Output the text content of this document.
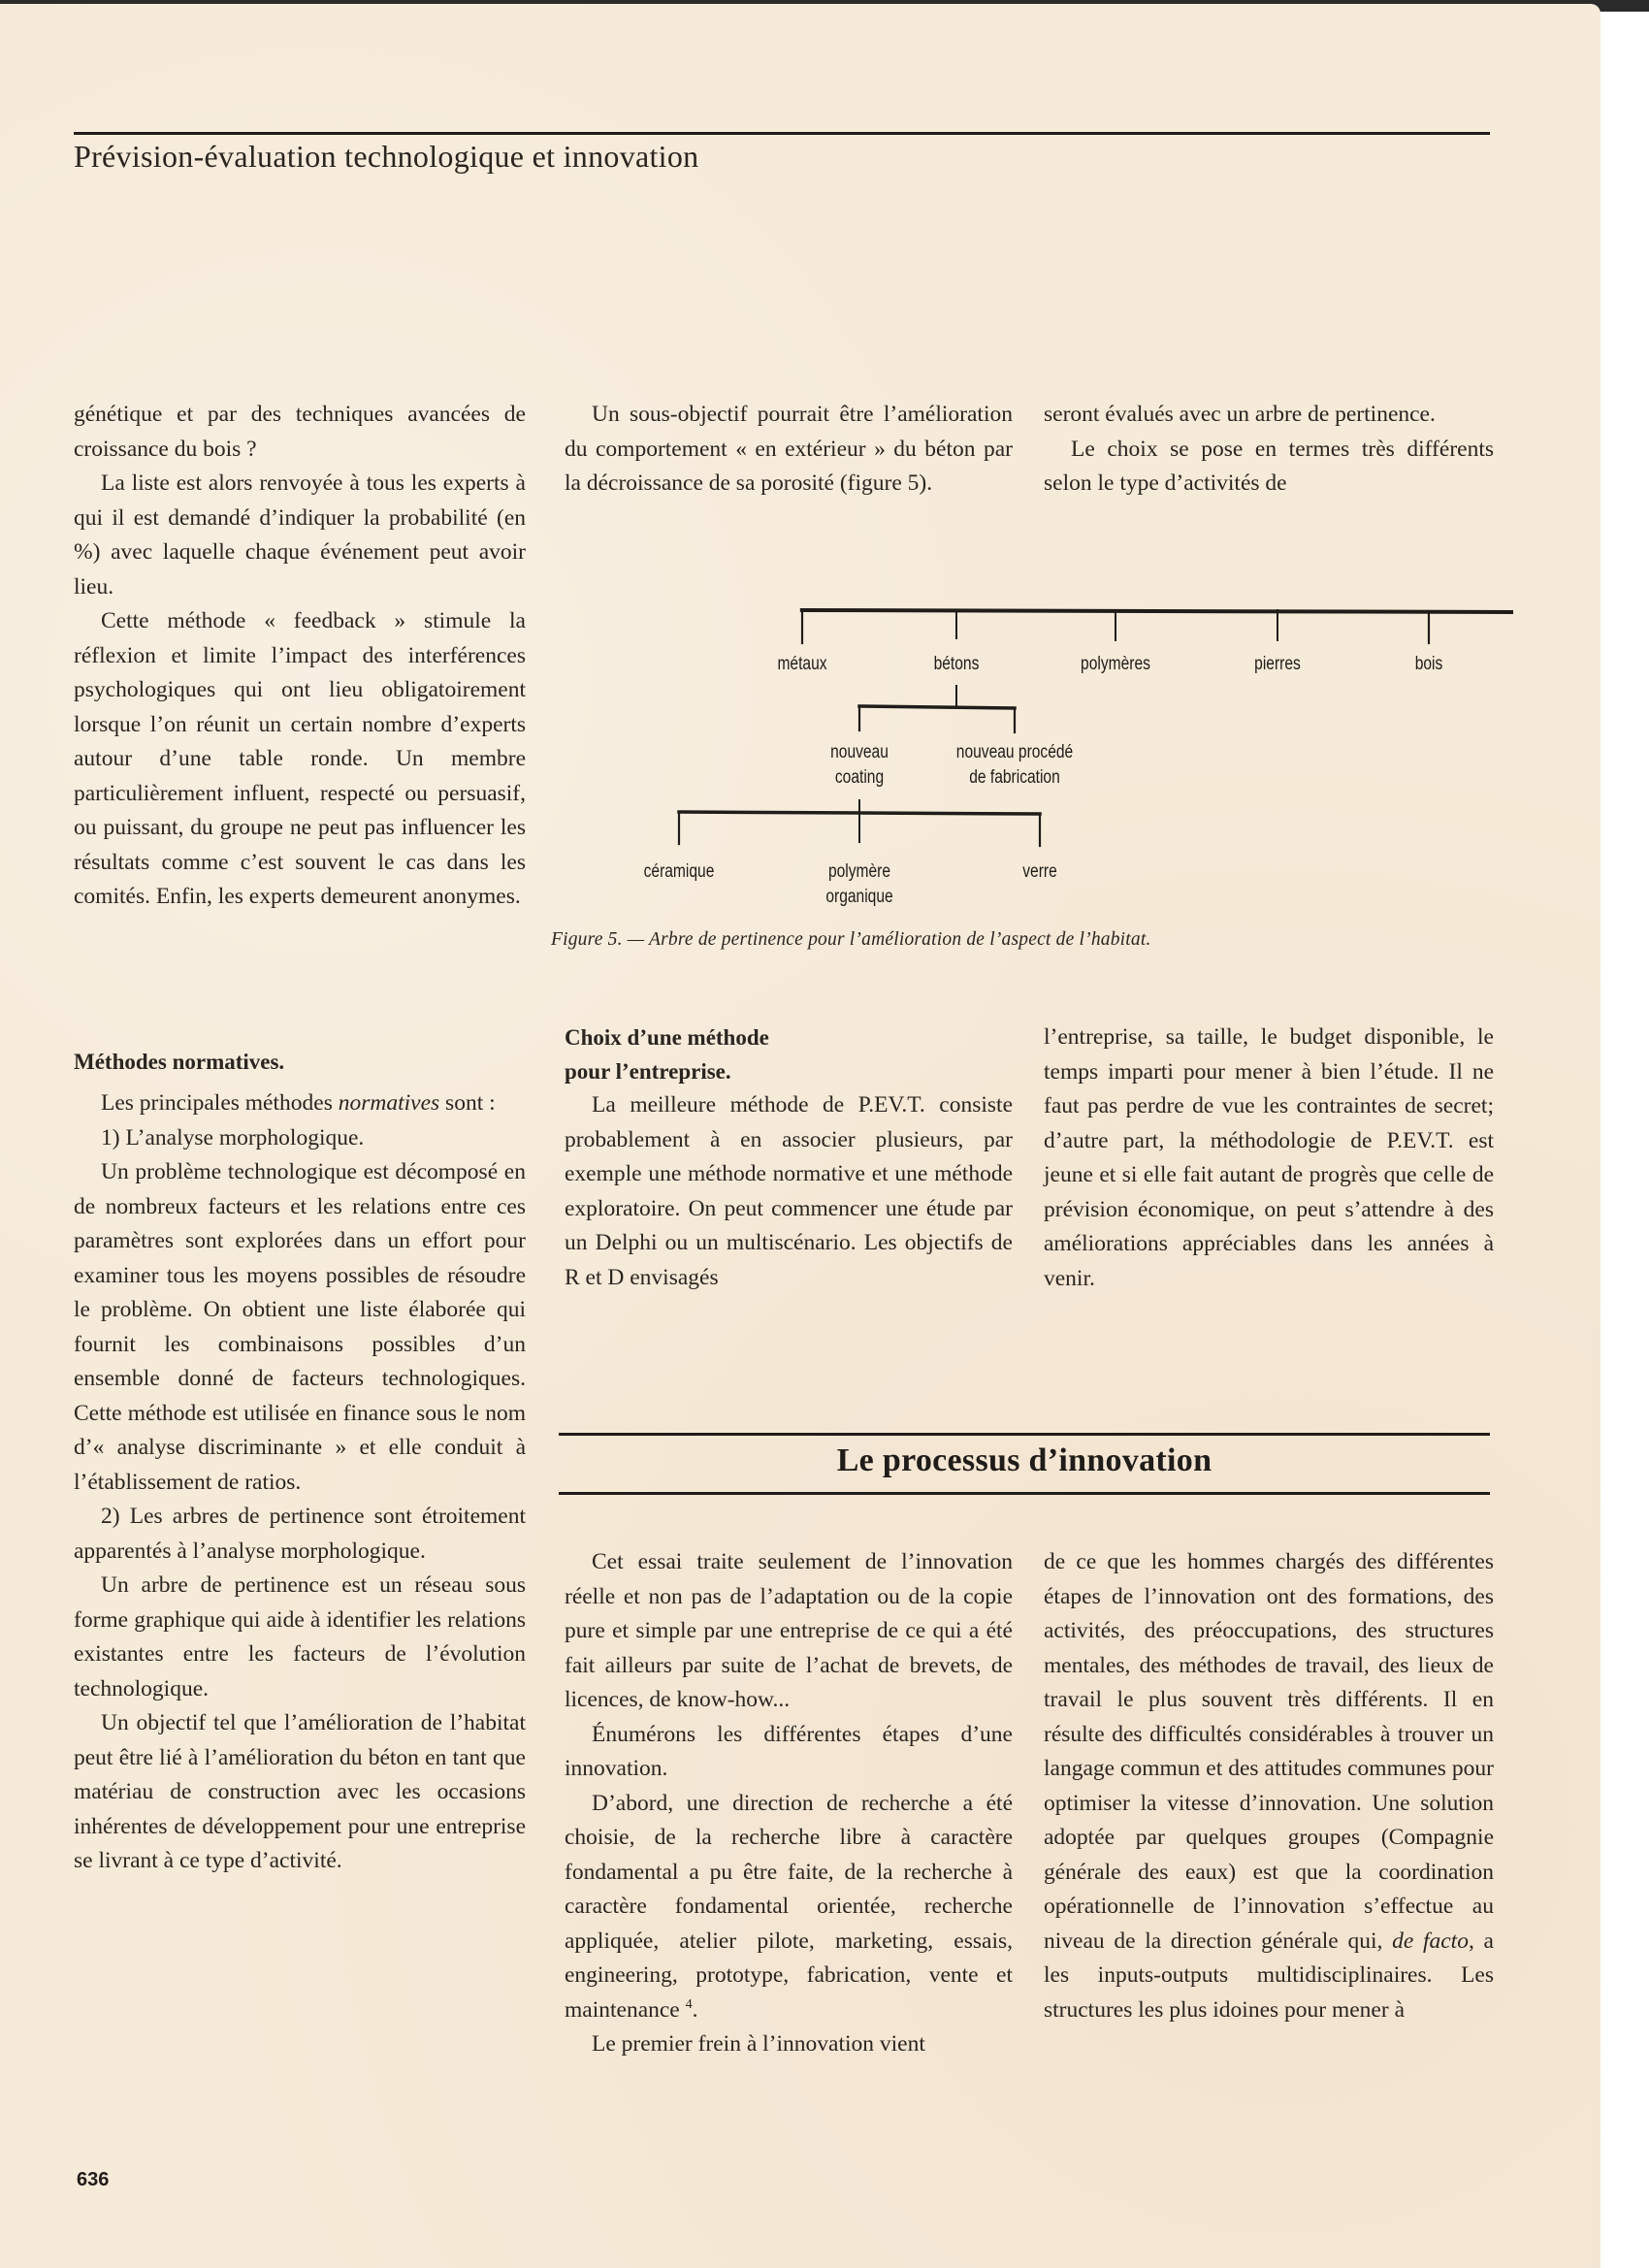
Prévision-évaluation technologique et innovation

génétique et par des techniques avancées de croissance du bois ?

La liste est alors renvoyée à tous les experts à qui il est demandé d’indiquer la probabilité (en %) avec laquelle chaque événement peut avoir lieu.

Cette méthode « feedback » stimule la réflexion et limite l’impact des interférences psychologiques qui ont lieu obligatoirement lorsque l’on réunit un certain nombre d’experts autour d’une table ronde. Un membre particulièrement influent, respecté ou persuasif, ou puissant, du groupe ne peut pas influencer les résultats comme c’est souvent le cas dans les comités. Enfin, les experts demeurent anonymes.

Un sous-objectif pourrait être l’amélioration du comportement « en extérieur » du béton par la décroissance de sa porosité (figure 5).

seront évalués avec un arbre de pertinence.

Le choix se pose en termes très différents selon le type d’activités de

métaux	bétons	polymères	pierres	bois
nouveau
coating
nouveau procédé
de fabrication
céramique	polymère
organique
verre
Figure 5. — Arbre de pertinence pour l’amélioration de l’aspect de l’habitat.

Méthodes normatives.

Les principales méthodes normatives sont :

1) L’analyse morphologique.

Un problème technologique est décomposé en de nombreux facteurs et les relations entre ces paramètres sont explorées dans un effort pour examiner tous les moyens possibles de résoudre le problème. On obtient une liste élaborée qui fournit les combinaisons possibles d’un ensemble donné de facteurs technologiques. Cette méthode est utilisée en finance sous le nom d’« analyse discriminante » et elle conduit à l’établissement de ratios.

2) Les arbres de pertinence sont étroitement apparentés à l’analyse morphologique.

Un arbre de pertinence est un réseau sous forme graphique qui aide à identifier les relations existantes entre les facteurs de l’évolution technologique.

Un objectif tel que l’amélioration de l’habitat peut être lié à l’amélioration du béton en tant que matériau de construction avec les occasions inhérentes de développement pour une entreprise se livrant à ce type d’activité.

Choix d’une méthode

pour l’entreprise.

La meilleure méthode de P.EV.T. consiste probablement à en associer plusieurs, par exemple une méthode normative et une méthode exploratoire. On peut commencer une étude par un Delphi ou un multiscénario. Les objectifs de R et D envisagés

l’entreprise, sa taille, le budget disponible, le temps imparti pour mener à bien l’étude. Il ne faut pas perdre de vue les contraintes de secret; d’autre part, la méthodologie de P.EV.T. est jeune et si elle fait autant de progrès que celle de prévision économique, on peut s’attendre à des améliorations appréciables dans les années à venir.

Le processus d’innovation

Cet essai traite seulement de l’innovation réelle et non pas de l’adaptation ou de la copie pure et simple par une entreprise de ce qui a été fait ailleurs par suite de l’achat de brevets, de licences, de know-how...

Énumérons les différentes étapes d’une innovation.

D’abord, une direction de recherche a été choisie, de la recherche libre à caractère fondamental a pu être faite, de la recherche à caractère fondamental orientée, recherche appliquée, atelier pilote, marketing, essais, engineering, prototype, fabrication, vente et maintenance $^4$.

Le premier frein à l’innovation vient

de ce que les hommes chargés des différentes étapes de l’innovation ont des formations, des activités, des préoccupations, des structures mentales, des méthodes de travail, des lieux de travail le plus souvent très différents. Il en résulte des difficultés considérables à trouver un langage commun et des attitudes communes pour optimiser la vitesse d’innovation. Une solution adoptée par quelques groupes (Compagnie générale des eaux) est que la coordination opérationnelle de l’innovation s’effectue au niveau de la direction générale qui, de facto, a les inputs-outputs multidisciplinaires. Les structures les plus idoines pour mener à

636
